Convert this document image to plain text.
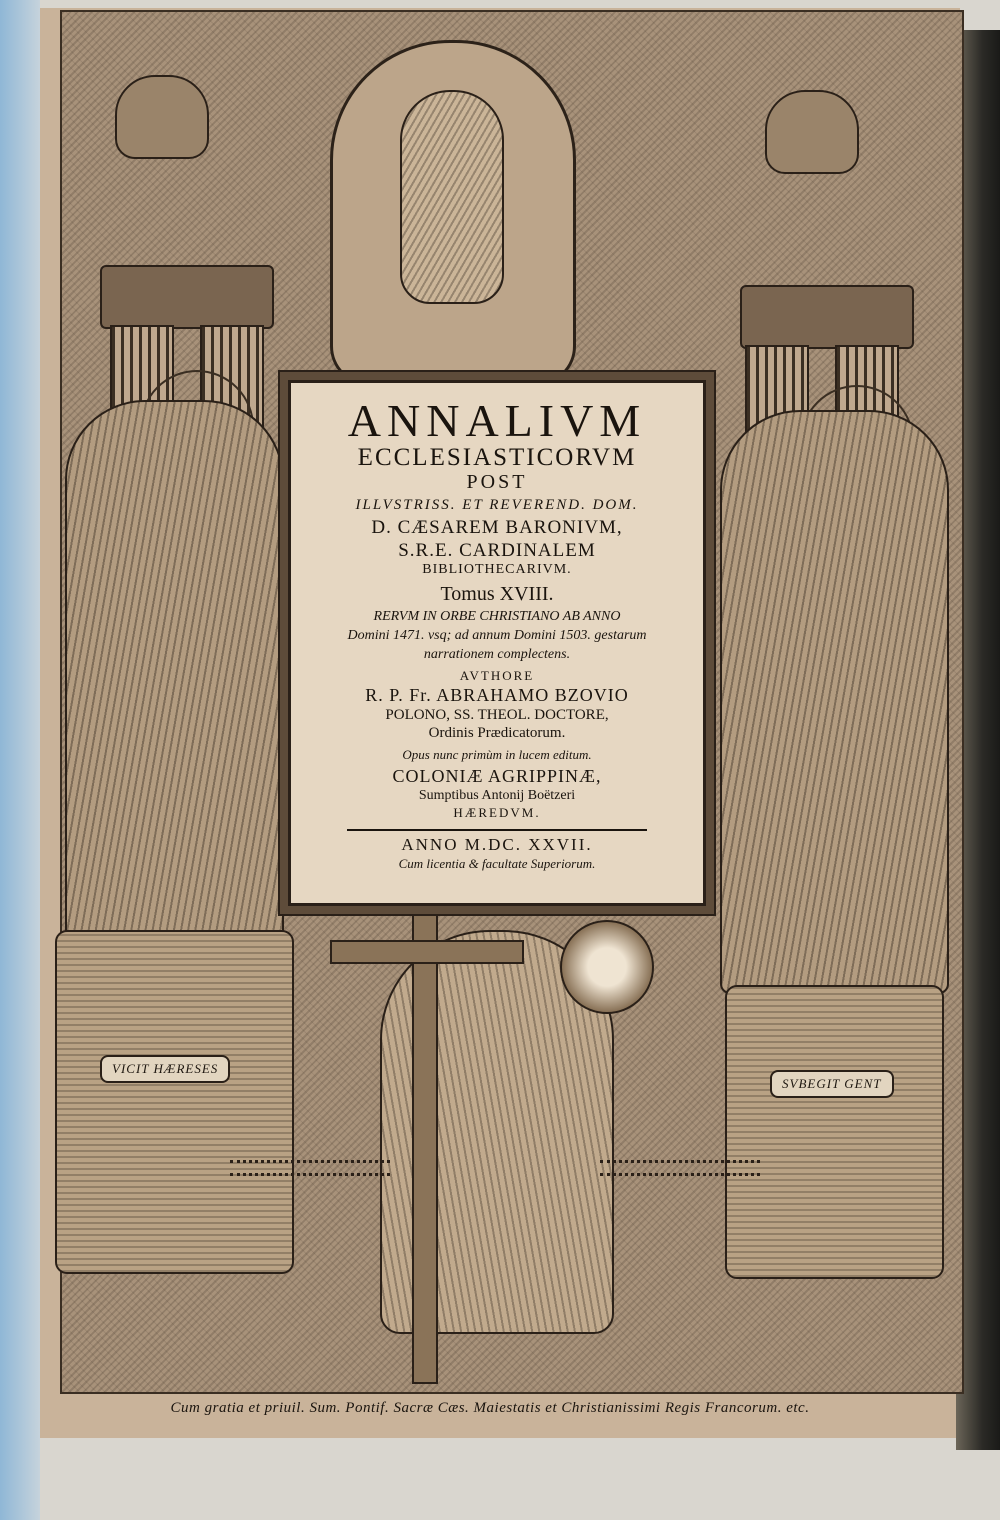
VICIT HÆRESES
SVBEGIT GENT
ANNALIVM
ECCLESIASTICORVM
POST
ILLVSTRISS. ET REVEREND. DOM.
D. CÆSAREM BARONIVM,
S.R.E. CARDINALEM
BIBLIOTHECARIVM.
Tomus XVIII.
RERVM IN ORBE CHRISTIANO AB ANNO
Domini 1471. vsq; ad annum Domini 1503. gestarum
narrationem complectens.
AVTHORE
R. P. Fr. ABRAHAMO BZOVIO
POLONO, SS. THEOL. DOCTORE,
Ordinis Prædicatorum.
Opus nunc primùm in lucem editum.
COLONIÆ AGRIPPINÆ,
Sumptibus Antonij Boëtzeri
HÆREDVM.
ANNO M.DC. XXVII.
Cum licentia & facultate Superiorum.
Cum gratia et priuil. Sum. Pontif. Sacræ Cæs. Maiestatis et Christianissimi Regis Francorum. etc.
